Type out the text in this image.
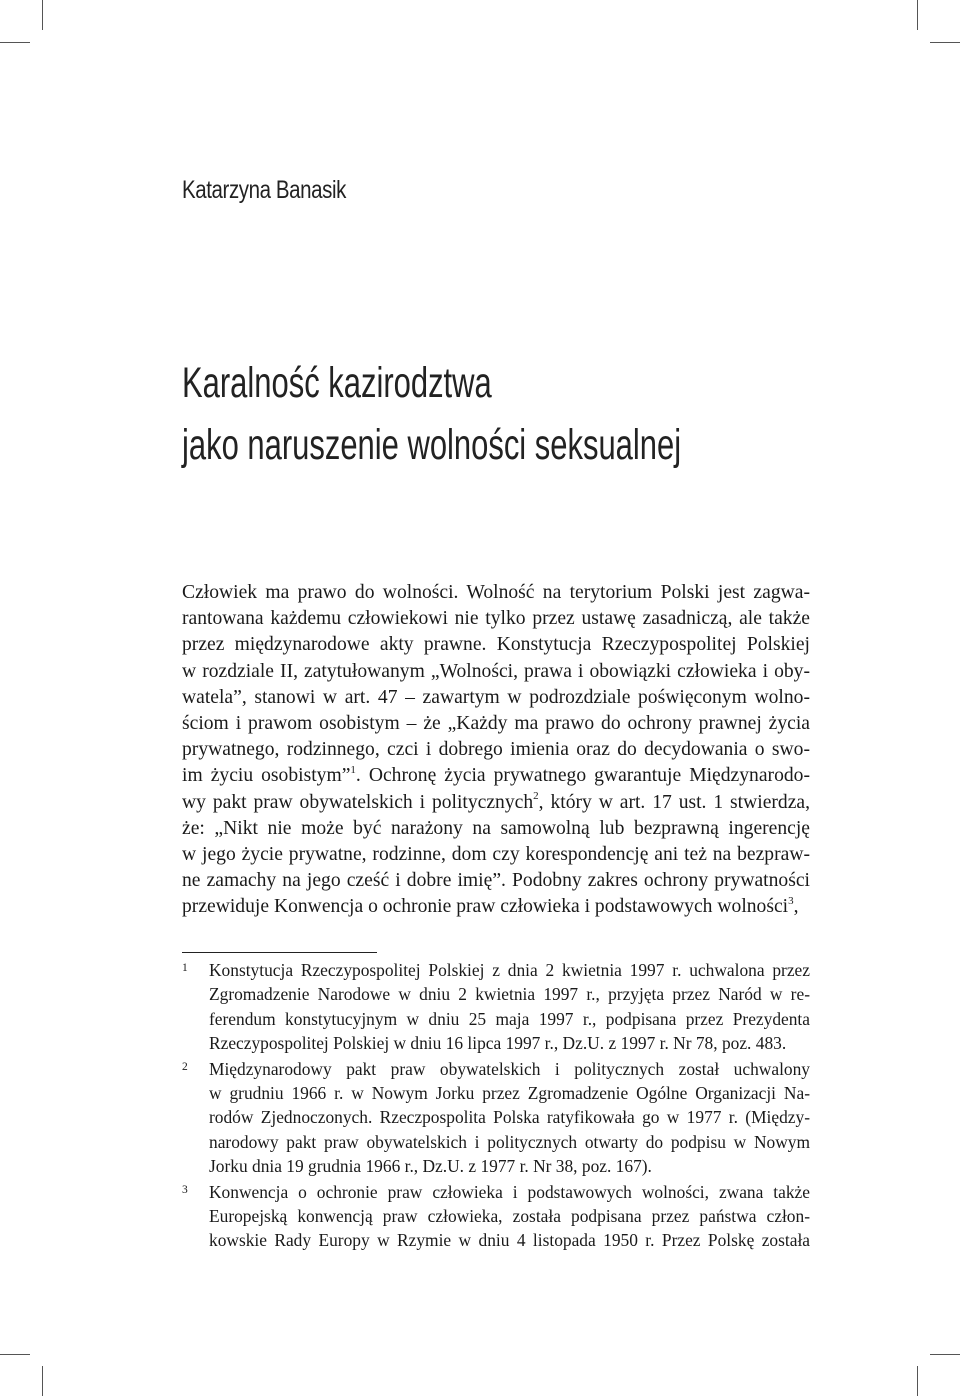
Katarzyna Banasik
Karalność kazirodztwa
jako naruszenie wolności seksualnej
Człowiek ma prawo do wolności. Wolność na terytorium Polski jest zagwa-
rantowana każdemu człowiekowi nie tylko przez ustawę zasadniczą, ale także
przez międzynarodowe akty prawne. Konstytucja Rzeczypospolitej Polskiej
w rozdziale II, zatytułowanym „Wolności, prawa i obowiązki człowieka i oby-
watela”, stanowi w art. 47 – zawartym w podrozdziale poświęconym wolno-
ściom i prawom osobistym – że „Każdy ma prawo do ochrony prawnej życia
prywatnego, rodzinnego, czci i dobrego imienia oraz do decydowania o swo-
im życiu osobistym”$^1$. Ochronę życia prywatnego gwarantuje Międzynarodo-
wy pakt praw obywatelskich i politycznych$^2$, który w art. 17 ust. 1 stwierdza,
że: „Nikt nie może być narażony na samowolną lub bezprawną ingerencję
w jego życie prywatne, rodzinne, dom czy korespondencję ani też na bezpraw-
ne zamachy na jego cześć i dobre imię”. Podobny zakres ochrony prywatności
przewiduje Konwencja o ochronie praw człowieka i podstawowych wolności$^3$,
1 Konstytucja Rzeczypospolitej Polskiej z dnia 2 kwietnia 1997 r. uchwalona przez
Zgromadzenie Narodowe w dniu 2 kwietnia 1997 r., przyjęta przez Naród w re-
ferendum konstytucyjnym w dniu 25 maja 1997 r., podpisana przez Prezydenta
Rzeczypospolitej Polskiej w dniu 16 lipca 1997 r., Dz.U. z 1997 r. Nr 78, poz. 483.
2 Międzynarodowy pakt praw obywatelskich i politycznych został uchwalony
w grudniu 1966 r. w Nowym Jorku przez Zgromadzenie Ogólne Organizacji Na-
rodów Zjednoczonych. Rzeczpospolita Polska ratyfikowała go w 1977 r. (Między-
narodowy pakt praw obywatelskich i politycznych otwarty do podpisu w Nowym
Jorku dnia 19 grudnia 1966 r., Dz.U. z 1977 r. Nr 38, poz. 167).
3 Konwencja o ochronie praw człowieka i podstawowych wolności, zwana także
Europejską konwencją praw człowieka, została podpisana przez państwa człon-
kowskie Rady Europy w Rzymie w dniu 4 listopada 1950 r. Przez Polskę została
